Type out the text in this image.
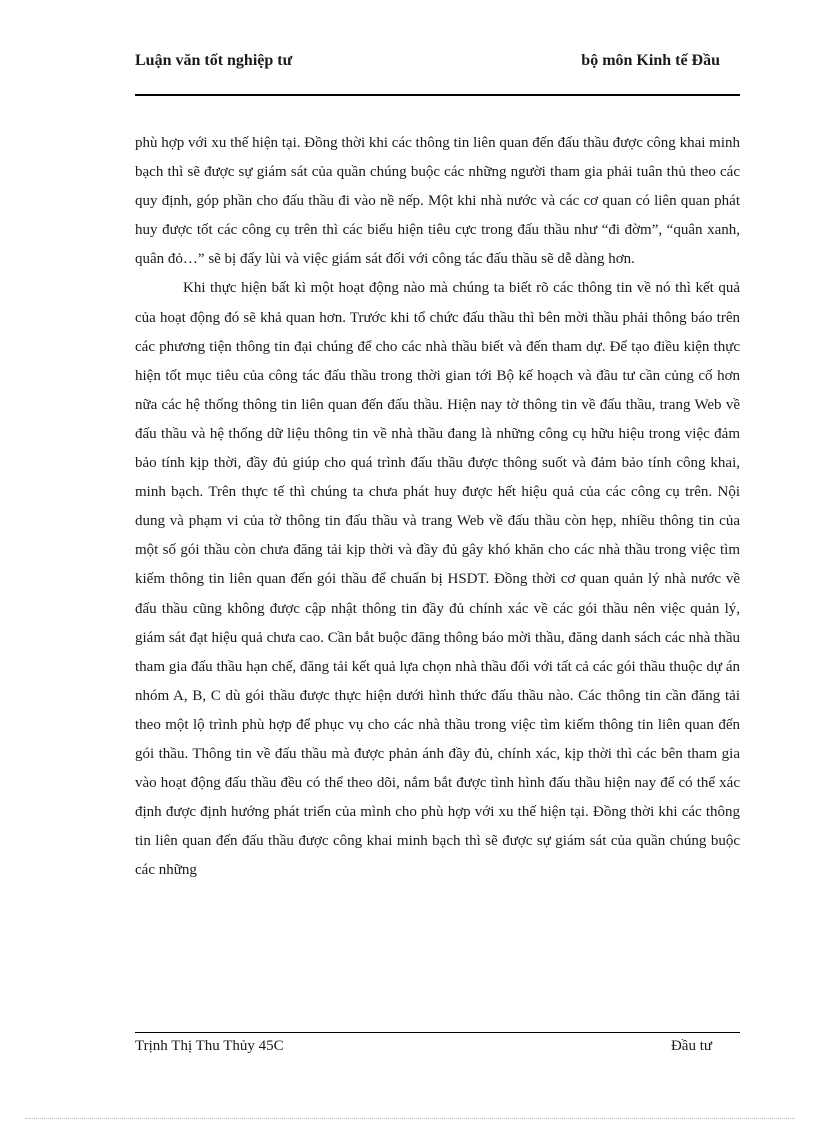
Luận văn tốt nghiệp tư	bộ môn Kinh tế Đầu

phù hợp với xu thế hiện tại. Đồng thời khi các thông tin liên quan đến đấu thầu được công khai minh bạch thì sẽ được sự giám sát của quần chúng buộc các những người tham gia phải tuân thủ theo các quy định, góp phần cho đấu thầu đi vào nề nếp. Một khi nhà nước và các cơ quan có liên quan phát huy được tốt các công cụ trên thì các biểu hiện tiêu cực trong đấu thầu như “đi đờm”, “quân xanh, quân đỏ…” sẽ bị đẩy lùi và việc giám sát đối với công tác đấu thầu sẽ dễ dàng hơn.

Khi thực hiện bất kì một hoạt động nào mà chúng ta biết rõ các thông tin về nó thì kết quả của hoạt động đó sẽ khả quan hơn. Trước khi tổ chức đấu thầu thì bên mời thầu phải thông báo trên các phương tiện thông tin đại chúng để cho các nhà thầu biết và đến tham dự. Để tạo điều kiện thực hiện tốt mục tiêu của công tác đấu thầu trong thời gian tới Bộ kế hoạch và đầu tư cần củng cố hơn nữa các hệ thống thông tin liên quan đến đấu thầu. Hiện nay tờ thông tin về đấu thầu, trang Web về đấu thầu và hệ thống dữ liệu thông tin về nhà thầu đang là những công cụ hữu hiệu trong việc đảm bảo tính kịp thời, đầy đủ giúp cho quá trình đấu thầu được thông suốt và đảm bảo tính công khai, minh bạch. Trên thực tế thì chúng ta chưa phát huy được hết hiệu quả của các công cụ trên. Nội dung và phạm vi của tờ thông tin đấu thầu và trang Web về đấu thầu còn hẹp, nhiều thông tin của một số gói thầu còn chưa đăng tải kịp thời và đầy đủ gây khó khăn cho các nhà thầu trong việc tìm kiếm thông tin liên quan đến gói thầu để chuẩn bị HSDT. Đồng thời cơ quan quản lý nhà nước về đấu thầu cũng không được cập nhật thông tin đầy đủ chính xác về các gói thầu nên việc quản lý, giám sát đạt hiệu quả chưa cao. Cần bắt buộc đăng thông báo mời thầu, đăng danh sách các nhà thầu tham gia đấu thầu hạn chế, đăng tải kết quả lựa chọn nhà thầu đối với tất cả các gói thầu thuộc dự án nhóm A, B, C dù gói thầu được thực hiện dưới hình thức đấu thầu nào. Các thông tin cần đăng tải theo một lộ trình phù hợp để phục vụ cho các nhà thầu trong việc tìm kiếm thông tin liên quan đến gói thầu. Thông tin về đấu thầu mà được phản ánh đầy đủ, chính xác, kịp thời thì các bên tham gia vào hoạt động đấu thầu đều có thể theo dõi, nắm bắt được tình hình đấu thầu hiện nay để có thể xác định được định hướng phát triển của mình cho phù hợp với xu thế hiện tại. Đồng thời khi các thông tin liên quan đến đấu thầu được công khai minh bạch thì sẽ được sự giám sát của quần chúng buộc các những

Trịnh Thị Thu Thủy 45C	Đầu tư
